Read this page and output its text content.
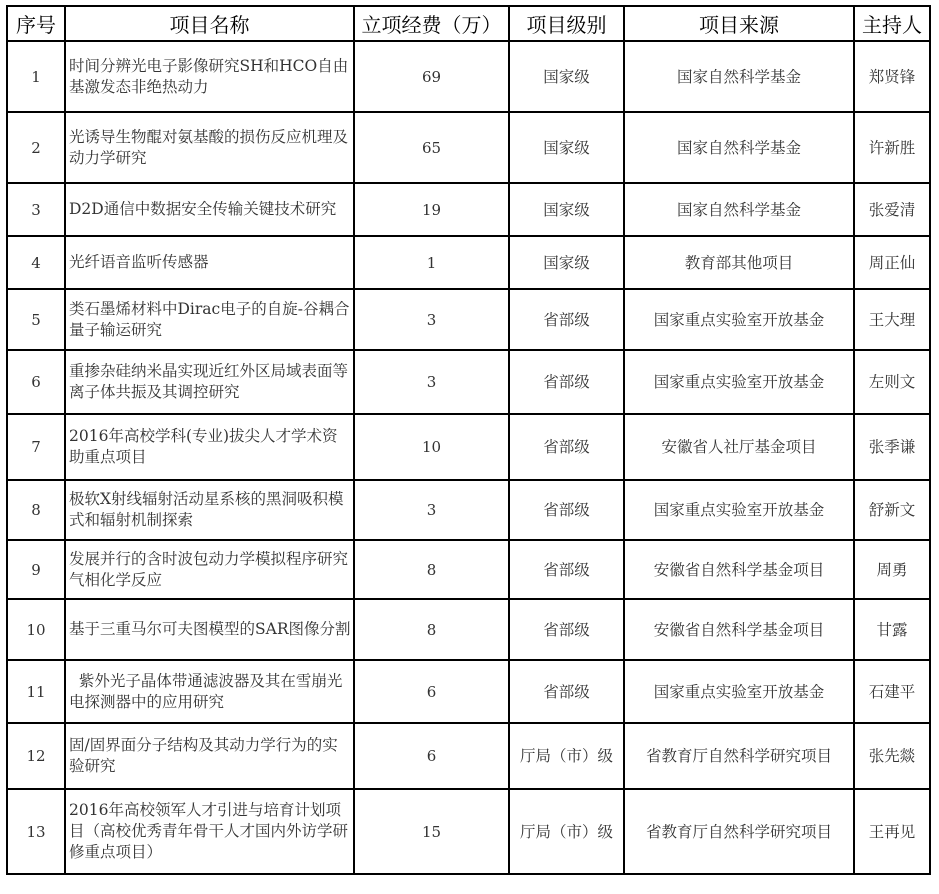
序号	项目名称	立项经费（万）	项目级别	项目来源	主持人
1	时间分辨光电子影像研究SH和HCO自由基激发态非绝热动力	69	国家级	国家自然科学基金	郑贤锋
2	光诱导生物醌对氨基酸的损伤反应机理及动力学研究	65	国家级	国家自然科学基金	许新胜
3	D2D通信中数据安全传输关键技术研究	19	国家级	国家自然科学基金	张爱清
4	光纤语音监听传感器	1	国家级	教育部其他项目	周正仙
5	类石墨烯材料中Dirac电子的自旋-谷耦合量子输运研究	3	省部级	国家重点实验室开放基金	王大理
6	重掺杂硅纳米晶实现近红外区局域表面等离子体共振及其调控研究	3	省部级	国家重点实验室开放基金	左则文
7	2016年高校学科(专业)拔尖人才学术资助重点项目	10	省部级	安徽省人社厅基金项目	张季谦
8	极软X射线辐射活动星系核的黑洞吸积模式和辐射机制探索	3	省部级	国家重点实验室开放基金	舒新文
9	发展并行的含时波包动力学模拟程序研究气相化学反应	8	省部级	安徽省自然科学基金项目	周勇
10	基于三重马尔可夫图模型的SAR图像分割	8	省部级	安徽省自然科学基金项目	甘露
11	紫外光子晶体带通滤波器及其在雪崩光电探测器中的应用研究	6	省部级	国家重点实验室开放基金	石建平
12	固/固界面分子结构及其动力学行为的实验研究	6	厅局（市）级	省教育厅自然科学研究项目	张先燚
13	2016年高校领军人才引进与培育计划项目（高校优秀青年骨干人才国内外访学研修重点项目）	15	厅局（市）级	省教育厅自然科学研究项目	王再见
